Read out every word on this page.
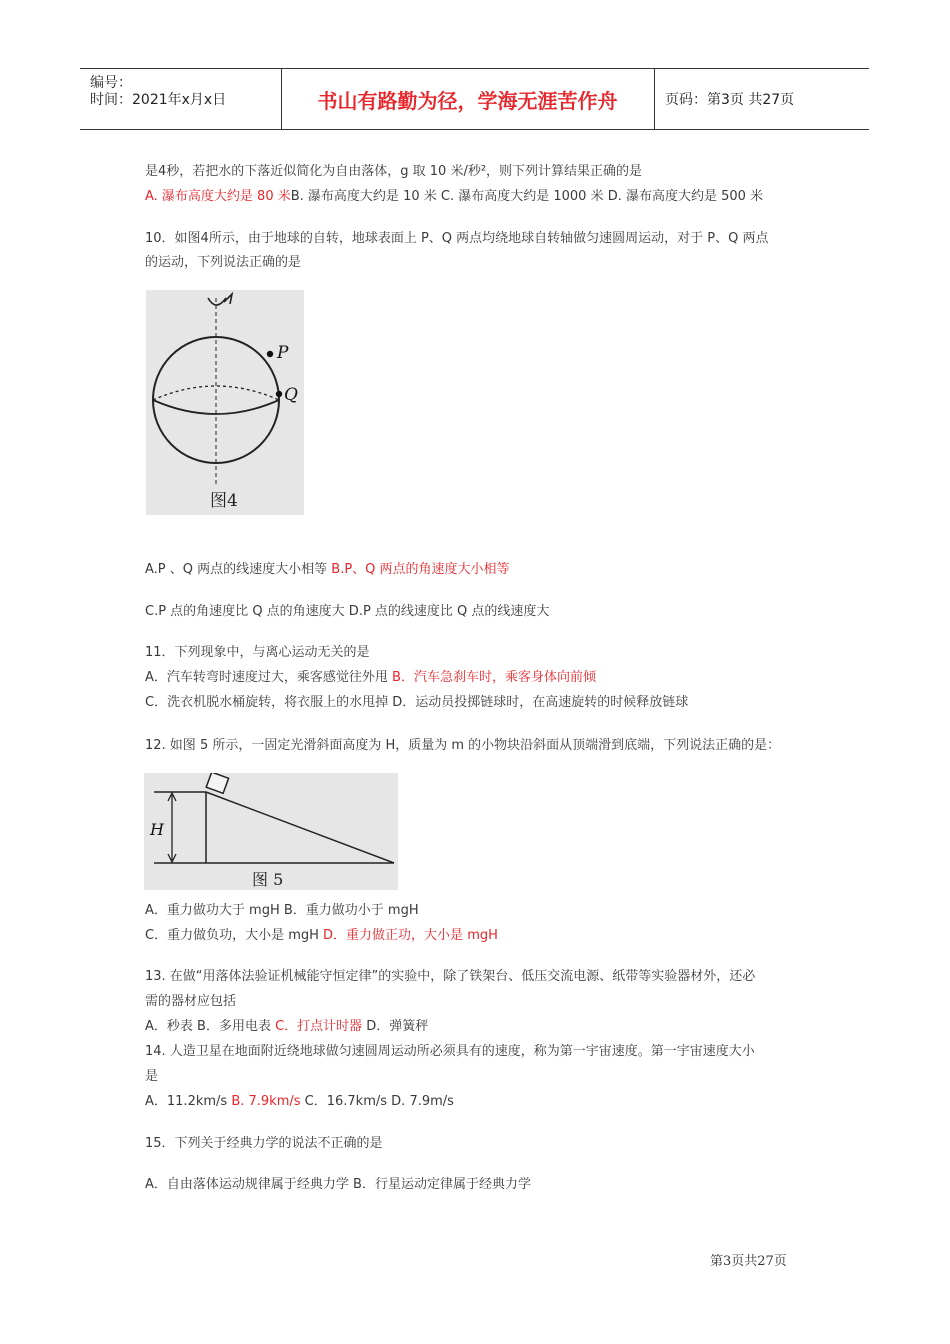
编号：
时间：2021年x月x日	书山有路勤为径，学海无涯苦作舟	页码：第3页 共27页
是4秒，若把水的下落近似简化为自由落体，g 取 10 米/秒²，则下列计算结果正确的是
A. 瀑布高度大约是 80 米B. 瀑布高度大约是 10 米 C. 瀑布高度大约是 1000 米 D. 瀑布高度大约是 500 米
10．如图4所示，由于地球的自转，地球表面上 P、Q 两点均绕地球自转轴做匀速圆周运动，对于 P、Q 两点
的运动，下列说法正确的是
P
Q
图4
A.P 、Q 两点的线速度大小相等 B.P、Q 两点的角速度大小相等
C.P 点的角速度比 Q 点的角速度大 D.P 点的线速度比 Q 点的线速度大
11．下列现象中，与离心运动无关的是
A．汽车转弯时速度过大，乘客感觉往外甩 B．汽车急刹车时，乘客身体向前倾
C．洗衣机脱水桶旋转，将衣服上的水甩掉 D．运动员投掷链球时，在高速旋转的时候释放链球
12. 如图 5 所示，一固定光滑斜面高度为 H，质量为 m 的小物块沿斜面从顶端滑到底端，下列说法正确的是：
H
图 5
A．重力做功大于 mgH B．重力做功小于 mgH
C．重力做负功，大小是 mgH D．重力做正功，大小是 mgH
13. 在做“用落体法验证机械能守恒定律”的实验中，除了铁架台、低压交流电源、纸带等实验器材外，还必
需的器材应包括
A．秒表 B．多用电表 C．打点计时器 D．弹簧秤
14. 人造卫星在地面附近绕地球做匀速圆周运动所必须具有的速度，称为第一宇宙速度。第一宇宙速度大小
是
A．11.2km/s B. 7.9km/s C．16.7km/s D. 7.9m/s
15．下列关于经典力学的说法不正确的是
A．自由落体运动规律属于经典力学 B．行星运动定律属于经典力学
第3页共27页
